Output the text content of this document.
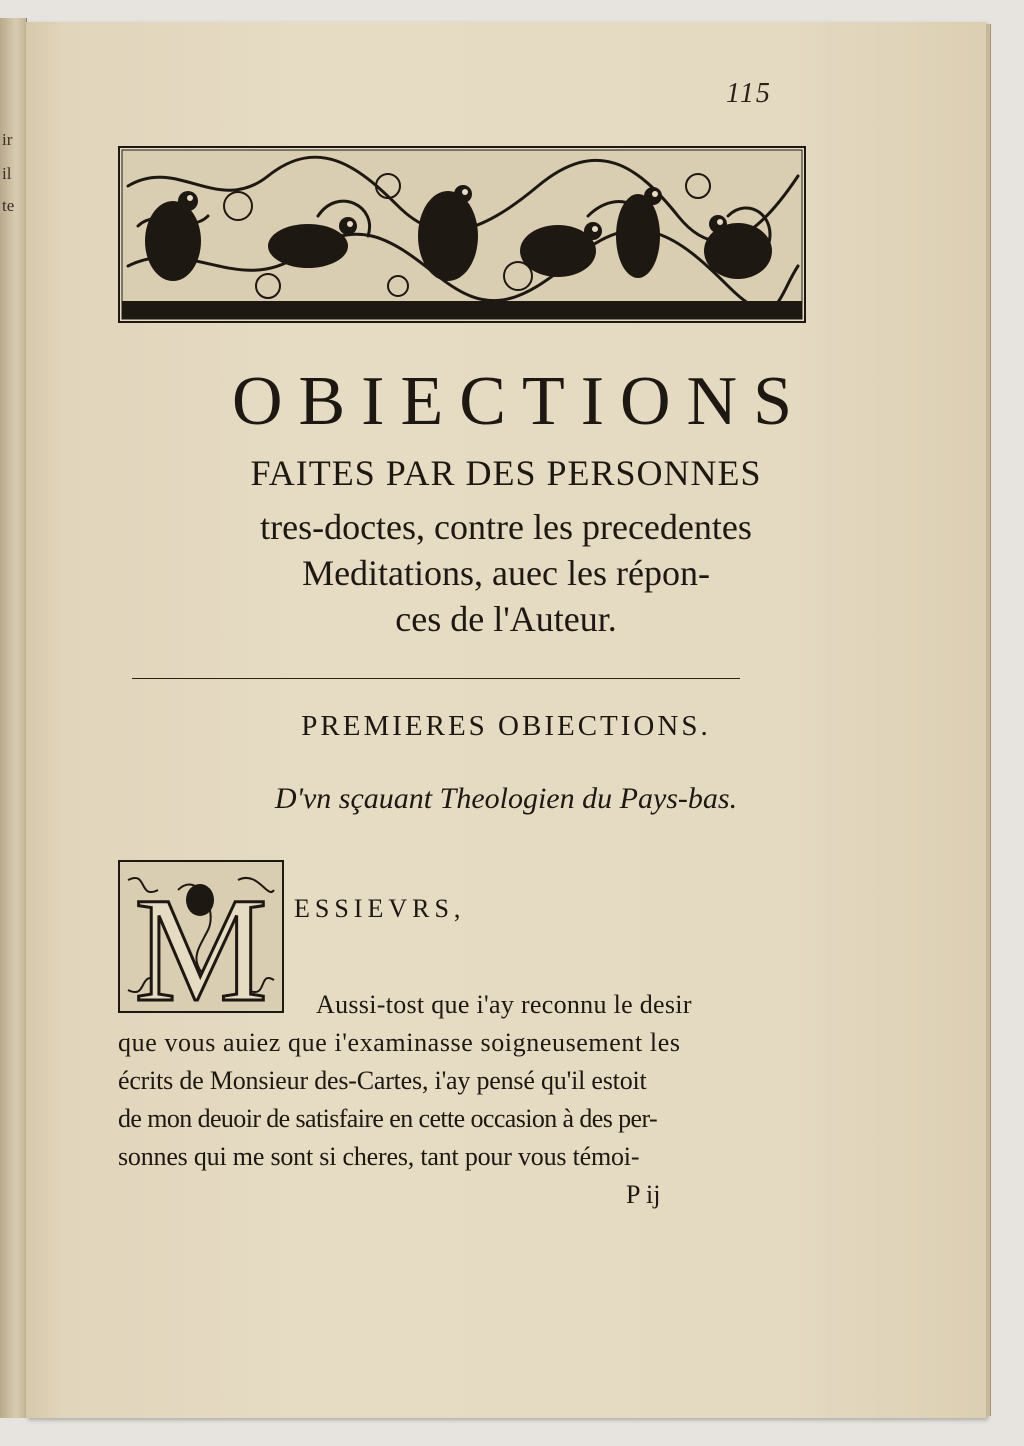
ir
il
te
115
OBIECTIONS
FAITES PAR DES PERSONNES
tres-doctes, contre les precedentes
Meditations, auec les répon-
ces de l'Auteur.
PREMIERES OBIECTIONS.
D'vn sçauant Theologien du Pays-bas.
M ESSIEVRS,
Aussi-tost que i'ay reconnu le desir
que vous auiez que i'examinasse soigneusement les
écrits de Monsieur des-Cartes, i'ay pensé qu'il estoit
de mon deuoir de satisfaire en cette occasion à des per-
sonnes qui me sont si cheres, tant pour vous témoi-
P ij
